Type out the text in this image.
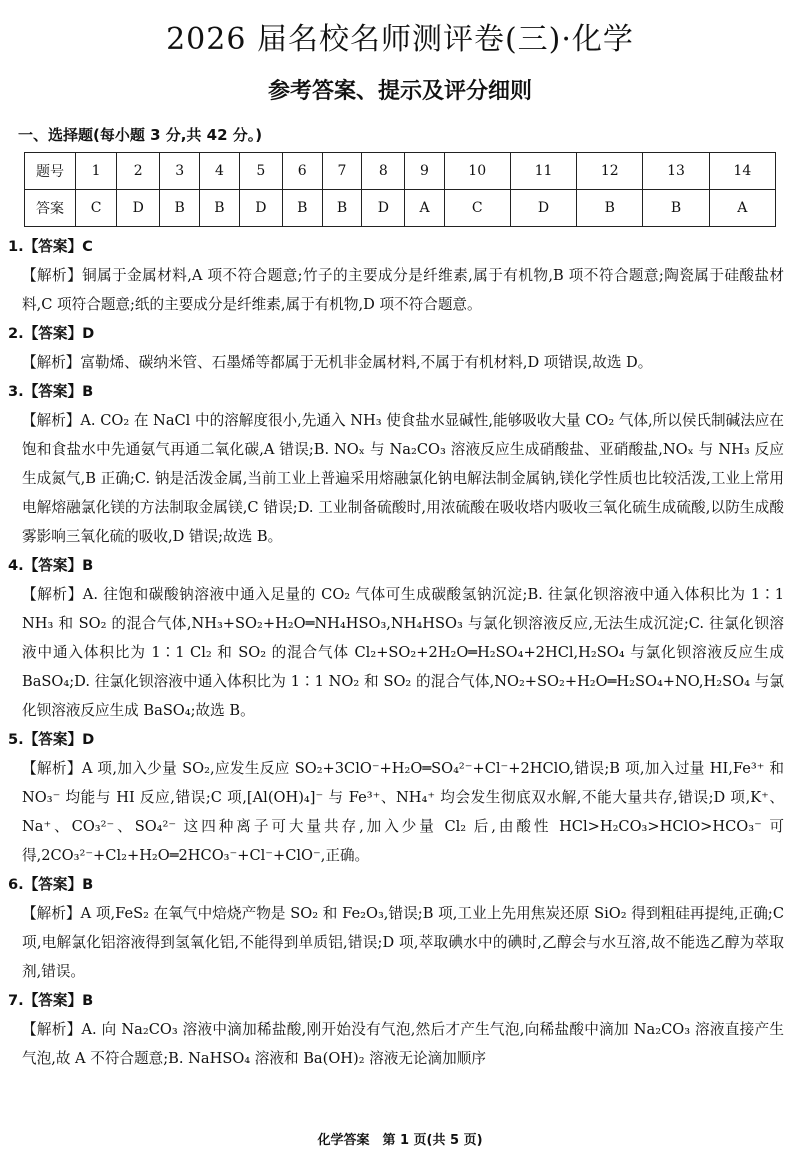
2026 届名校名师测评卷(三)·化学
参考答案、提示及评分细则
一、选择题(每小题 3 分,共 42 分。)
题号	1	2	3	4	5	6	7	8	9	10	11	12	13	14
答案	C	D	B	B	D	B	B	D	A	C	D	B	B	A

1.【答案】C

【解析】铜属于金属材料,A 项不符合题意;竹子的主要成分是纤维素,属于有机物,B 项不符合题意;陶瓷属于硅酸盐材料,C 项符合题意;纸的主要成分是纤维素,属于有机物,D 项不符合题意。

2.【答案】D

【解析】富勒烯、碳纳米管、石墨烯等都属于无机非金属材料,不属于有机材料,D 项错误,故选 D。

3.【答案】B

【解析】A. CO₂ 在 NaCl 中的溶解度很小,先通入 NH₃ 使食盐水显碱性,能够吸收大量 CO₂ 气体,所以侯氏制碱法应在饱和食盐水中先通氨气再通二氧化碳,A 错误;B. NOₓ 与 Na₂CO₃ 溶液反应生成硝酸盐、亚硝酸盐,NOₓ 与 NH₃ 反应生成氮气,B 正确;C. 钠是活泼金属,当前工业上普遍采用熔融氯化钠电解法制金属钠,镁化学性质也比较活泼,工业上常用电解熔融氯化镁的方法制取金属镁,C 错误;D. 工业制备硫酸时,用浓硫酸在吸收塔内吸收三氧化硫生成硫酸,以防生成酸雾影响三氧化硫的吸收,D 错误;故选 B。

4.【答案】B

【解析】A. 往饱和碳酸钠溶液中通入足量的 CO₂ 气体可生成碳酸氢钠沉淀;B. 往氯化钡溶液中通入体积比为 1∶1 NH₃ 和 SO₂ 的混合气体,NH₃+SO₂+H₂O═NH₄HSO₃,NH₄HSO₃ 与氯化钡溶液反应,无法生成沉淀;C. 往氯化钡溶液中通入体积比为 1∶1 Cl₂ 和 SO₂ 的混合气体 Cl₂+SO₂+2H₂O═H₂SO₄+2HCl,H₂SO₄ 与氯化钡溶液反应生成 BaSO₄;D. 往氯化钡溶液中通入体积比为 1∶1 NO₂ 和 SO₂ 的混合气体,NO₂+SO₂+H₂O═H₂SO₄+NO,H₂SO₄ 与氯化钡溶液反应生成 BaSO₄;故选 B。

5.【答案】D

【解析】A 项,加入少量 SO₂,应发生反应 SO₂+3ClO⁻+H₂O═SO₄²⁻+Cl⁻+2HClO,错误;B 项,加入过量 HI,Fe³⁺ 和 NO₃⁻ 均能与 HI 反应,错误;C 项,[Al(OH)₄]⁻ 与 Fe³⁺、NH₄⁺ 均会发生彻底双水解,不能大量共存,错误;D 项,K⁺、Na⁺、CO₃²⁻、SO₄²⁻ 这四种离子可大量共存,加入少量 Cl₂ 后,由酸性 HCl>H₂CO₃>HClO>HCO₃⁻ 可得,2CO₃²⁻+Cl₂+H₂O═2HCO₃⁻+Cl⁻+ClO⁻,正确。

6.【答案】B

【解析】A 项,FeS₂ 在氧气中焙烧产物是 SO₂ 和 Fe₂O₃,错误;B 项,工业上先用焦炭还原 SiO₂ 得到粗硅再提纯,正确;C 项,电解氯化铝溶液得到氢氧化铝,不能得到单质铝,错误;D 项,萃取碘水中的碘时,乙醇会与水互溶,故不能选乙醇为萃取剂,错误。

7.【答案】B

【解析】A. 向 Na₂CO₃ 溶液中滴加稀盐酸,刚开始没有气泡,然后才产生气泡,向稀盐酸中滴加 Na₂CO₃ 溶液直接产生气泡,故 A 不符合题意;B. NaHSO₄ 溶液和 Ba(OH)₂ 溶液无论滴加顺序

化学答案　第 1 页(共 5 页)
